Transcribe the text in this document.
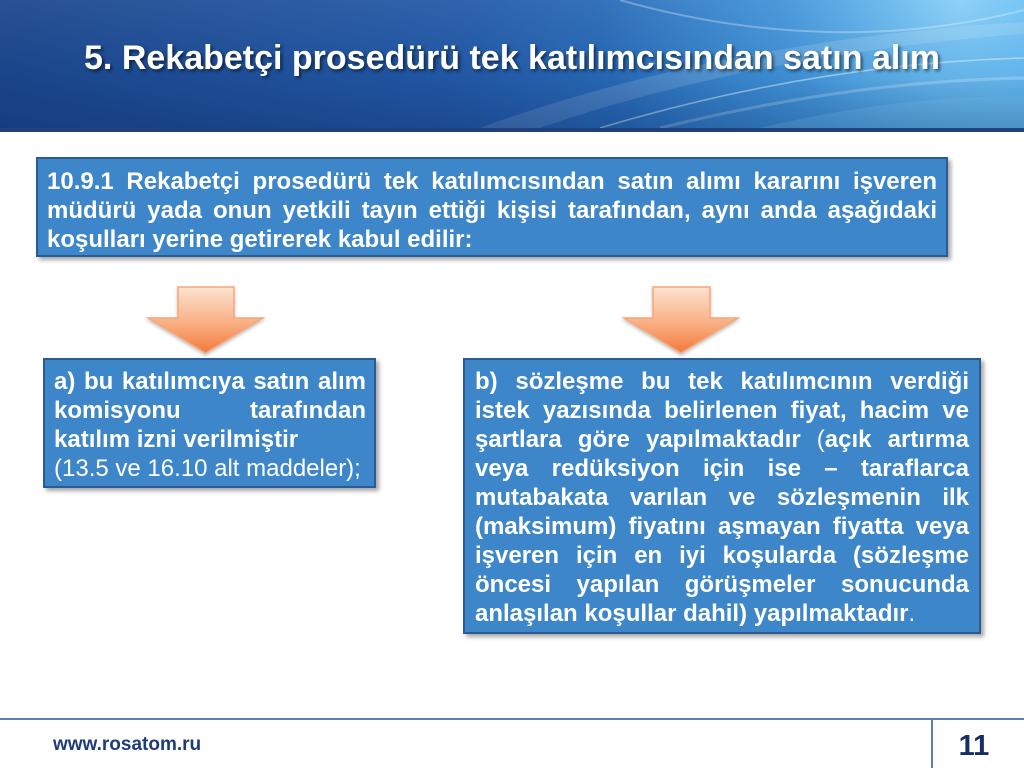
5. Rekabetçi prosedürü tek katılımcısından satın alım

10.9.1 Rekabetçi prosedürü tek katılımcısından satın alımı kararını işveren müdürü yada onun yetkili tayın ettiği kişisi tarafından, aynı anda aşağıdaki koşulları yerine getirerek kabul edilir:

a) bu katılımcıya satın alım komisyonu tarafından katılım izni verilmiştir
(13.5 ve 16.10 alt maddeler);

b) sözleşme bu tek katılımcının verdiği istek yazısında belirlenen fiyat, hacim ve şartlara göre yapılmaktadır (açık artırma veya redüksiyon için ise – taraflarca mutabakata varılan ve sözleşmenin ilk (maksimum) fiyatını aşmayan fiyatta veya işveren için en iyi koşularda (sözleşme öncesi yapılan görüşmeler sonucunda anlaşılan koşullar dahil) yapılmaktadır.

www.rosatom.ru	11
